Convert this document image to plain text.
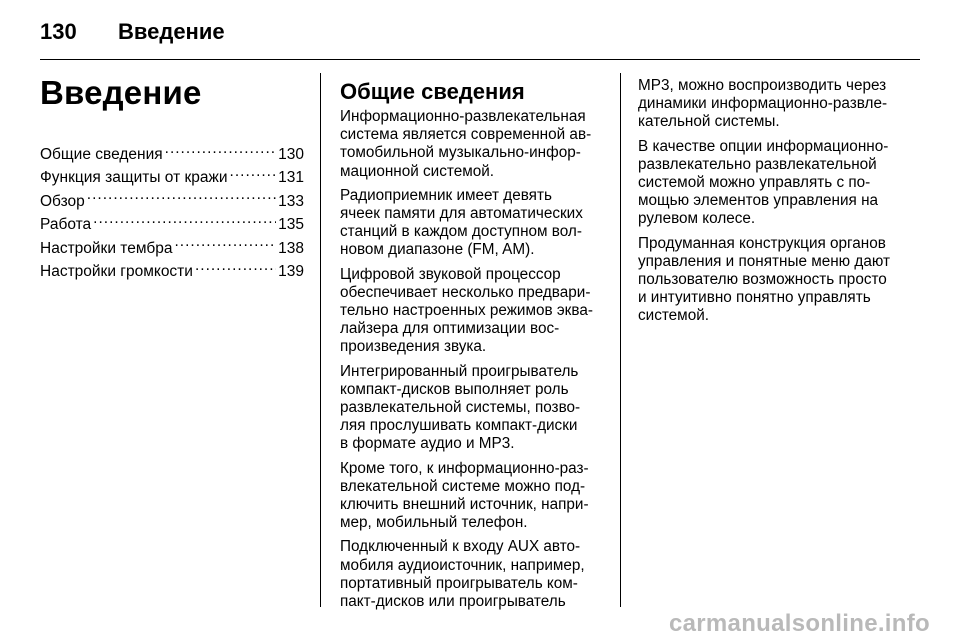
130	Введение
Введение
Общие сведения .....	130
Функция защиты от кражи .....	131
Обзор .....	133
Работа .....	135
Настройки тембра .....	138
Настройки громкости .....	139
Общие сведения

Информационно-развлекательная
система является современной ав-
томобильной музыкально-инфор-
мационной системой.

Радиоприемник имеет девять
ячеек памяти для автоматических
станций в каждом доступном вол-
новом диапазоне (FM, AM).

Цифровой звуковой процессор
обеспечивает несколько предвари-
тельно настроенных режимов эква-
лайзера для оптимизации вос-
произведения звука.

Интегрированный проигрыватель
компакт-дисков выполняет роль
развлекательной системы, позво-
ляя прослушивать компакт-диски
в формате аудио и MP3.

Кроме того, к информационно-раз-
влекательной системе можно под-
ключить внешний источник, напри-
мер, мобильный телефон.

Подключенный к входу AUX авто-
мобиля аудиоисточник, например,
портативный проигрыватель ком-
пакт-дисков или проигрыватель

MP3, можно воспроизводить через
динамики информационно-развле-
кательной системы.

В качестве опции информационно-
развлекательно развлекательной
системой можно управлять с по-
мощью элементов управления на
рулевом колесе.

Продуманная конструкция органов
управления и понятные меню дают
пользователю возможность просто
и интуитивно понятно управлять
системой.

carmanualsonline.info
